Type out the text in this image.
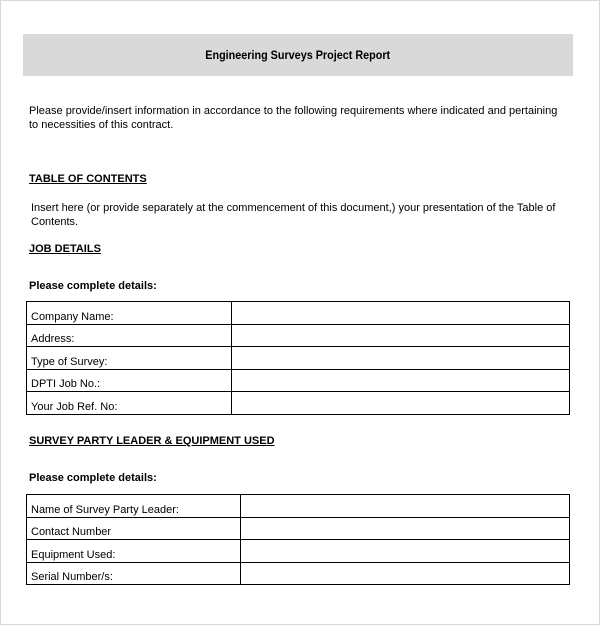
Engineering Surveys Project Report
Please provide/insert information in accordance to the following requirements where indicated and pertaining to necessities of this contract.
TABLE OF CONTENTS
Insert here (or provide separately at the commencement of this document,) your presentation of the Table of Contents.
JOB DETAILS
Please complete details:
Company Name:	
Address:	
Type of Survey:	
DPTI Job No.:	
Your Job Ref. No:	
SURVEY PARTY LEADER & EQUIPMENT USED
Please complete details:
Name of Survey Party Leader:	
Contact Number	
Equipment Used:	
Serial Number/s:	
